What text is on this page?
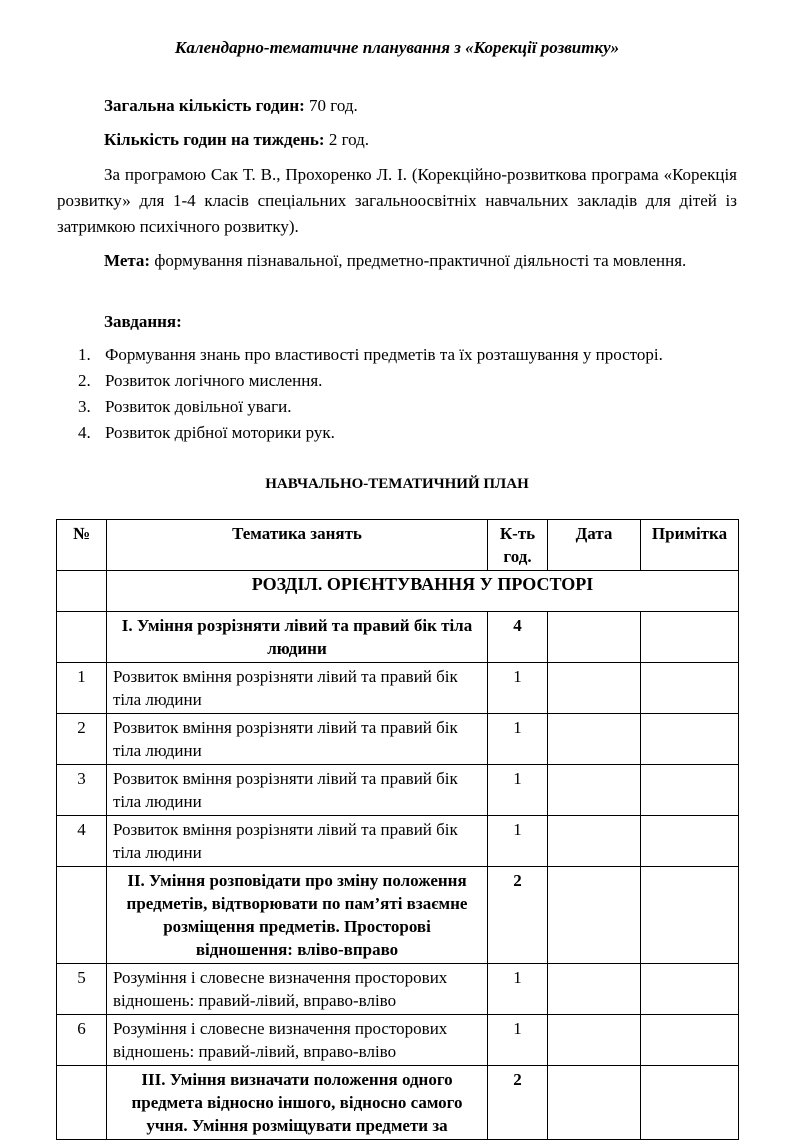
Календарно-тематичне планування з «Корекції розвитку»
Загальна кількість годин: 70 год.
Кількість годин на тиждень: 2 год.

За програмою Сак Т. В., Прохоренко Л. І. (Корекційно-розвиткова програма «Корекція розвитку» для 1-4 класів спеціальних загальноосвітніх навчальних закладів для дітей із затримкою психічного розвитку).

Мета: формування пізнавальної, предметно-практичної діяльності та мовлення.

Завдання:
1. Формування знань про властивості предметів та їх розташування у просторі.
2. Розвиток логічного мислення.
3. Розвиток довільної уваги.
4. Розвиток дрібної моторики рук.
НАВЧАЛЬНО-ТЕМАТИЧНИЙ ПЛАН
№	Тематика занять	К-ть год.	Дата	Примітка
	РОЗДІЛ. ОРІЄНТУВАННЯ У ПРОСТОРІ			
	І. Уміння розрізняти лівий та правий бік тіла людини	4		
1	Розвиток вміння розрізняти лівий та правий бік тіла людини	1		
2	Розвиток вміння розрізняти лівий та правий бік тіла людини	1		
3	Розвиток вміння розрізняти лівий та правий бік тіла людини	1		
4	Розвиток вміння розрізняти лівий та правий бік тіла людини	1		
	ІІ. Уміння розповідати про зміну положення предметів, відтворювати по пам’яті взаємне розміщення предметів. Просторові відношення: вліво-вправо	2		
5	Розуміння і словесне визначення просторових відношень: правий-лівий, вправо-вліво	1		
6	Розуміння і словесне визначення просторових відношень: правий-лівий, вправо-вліво	1		
	ІІІ. Уміння визначати положення одного предмета відносно іншого, відносно самого учня. Уміння розміщувати предмети за	2		
